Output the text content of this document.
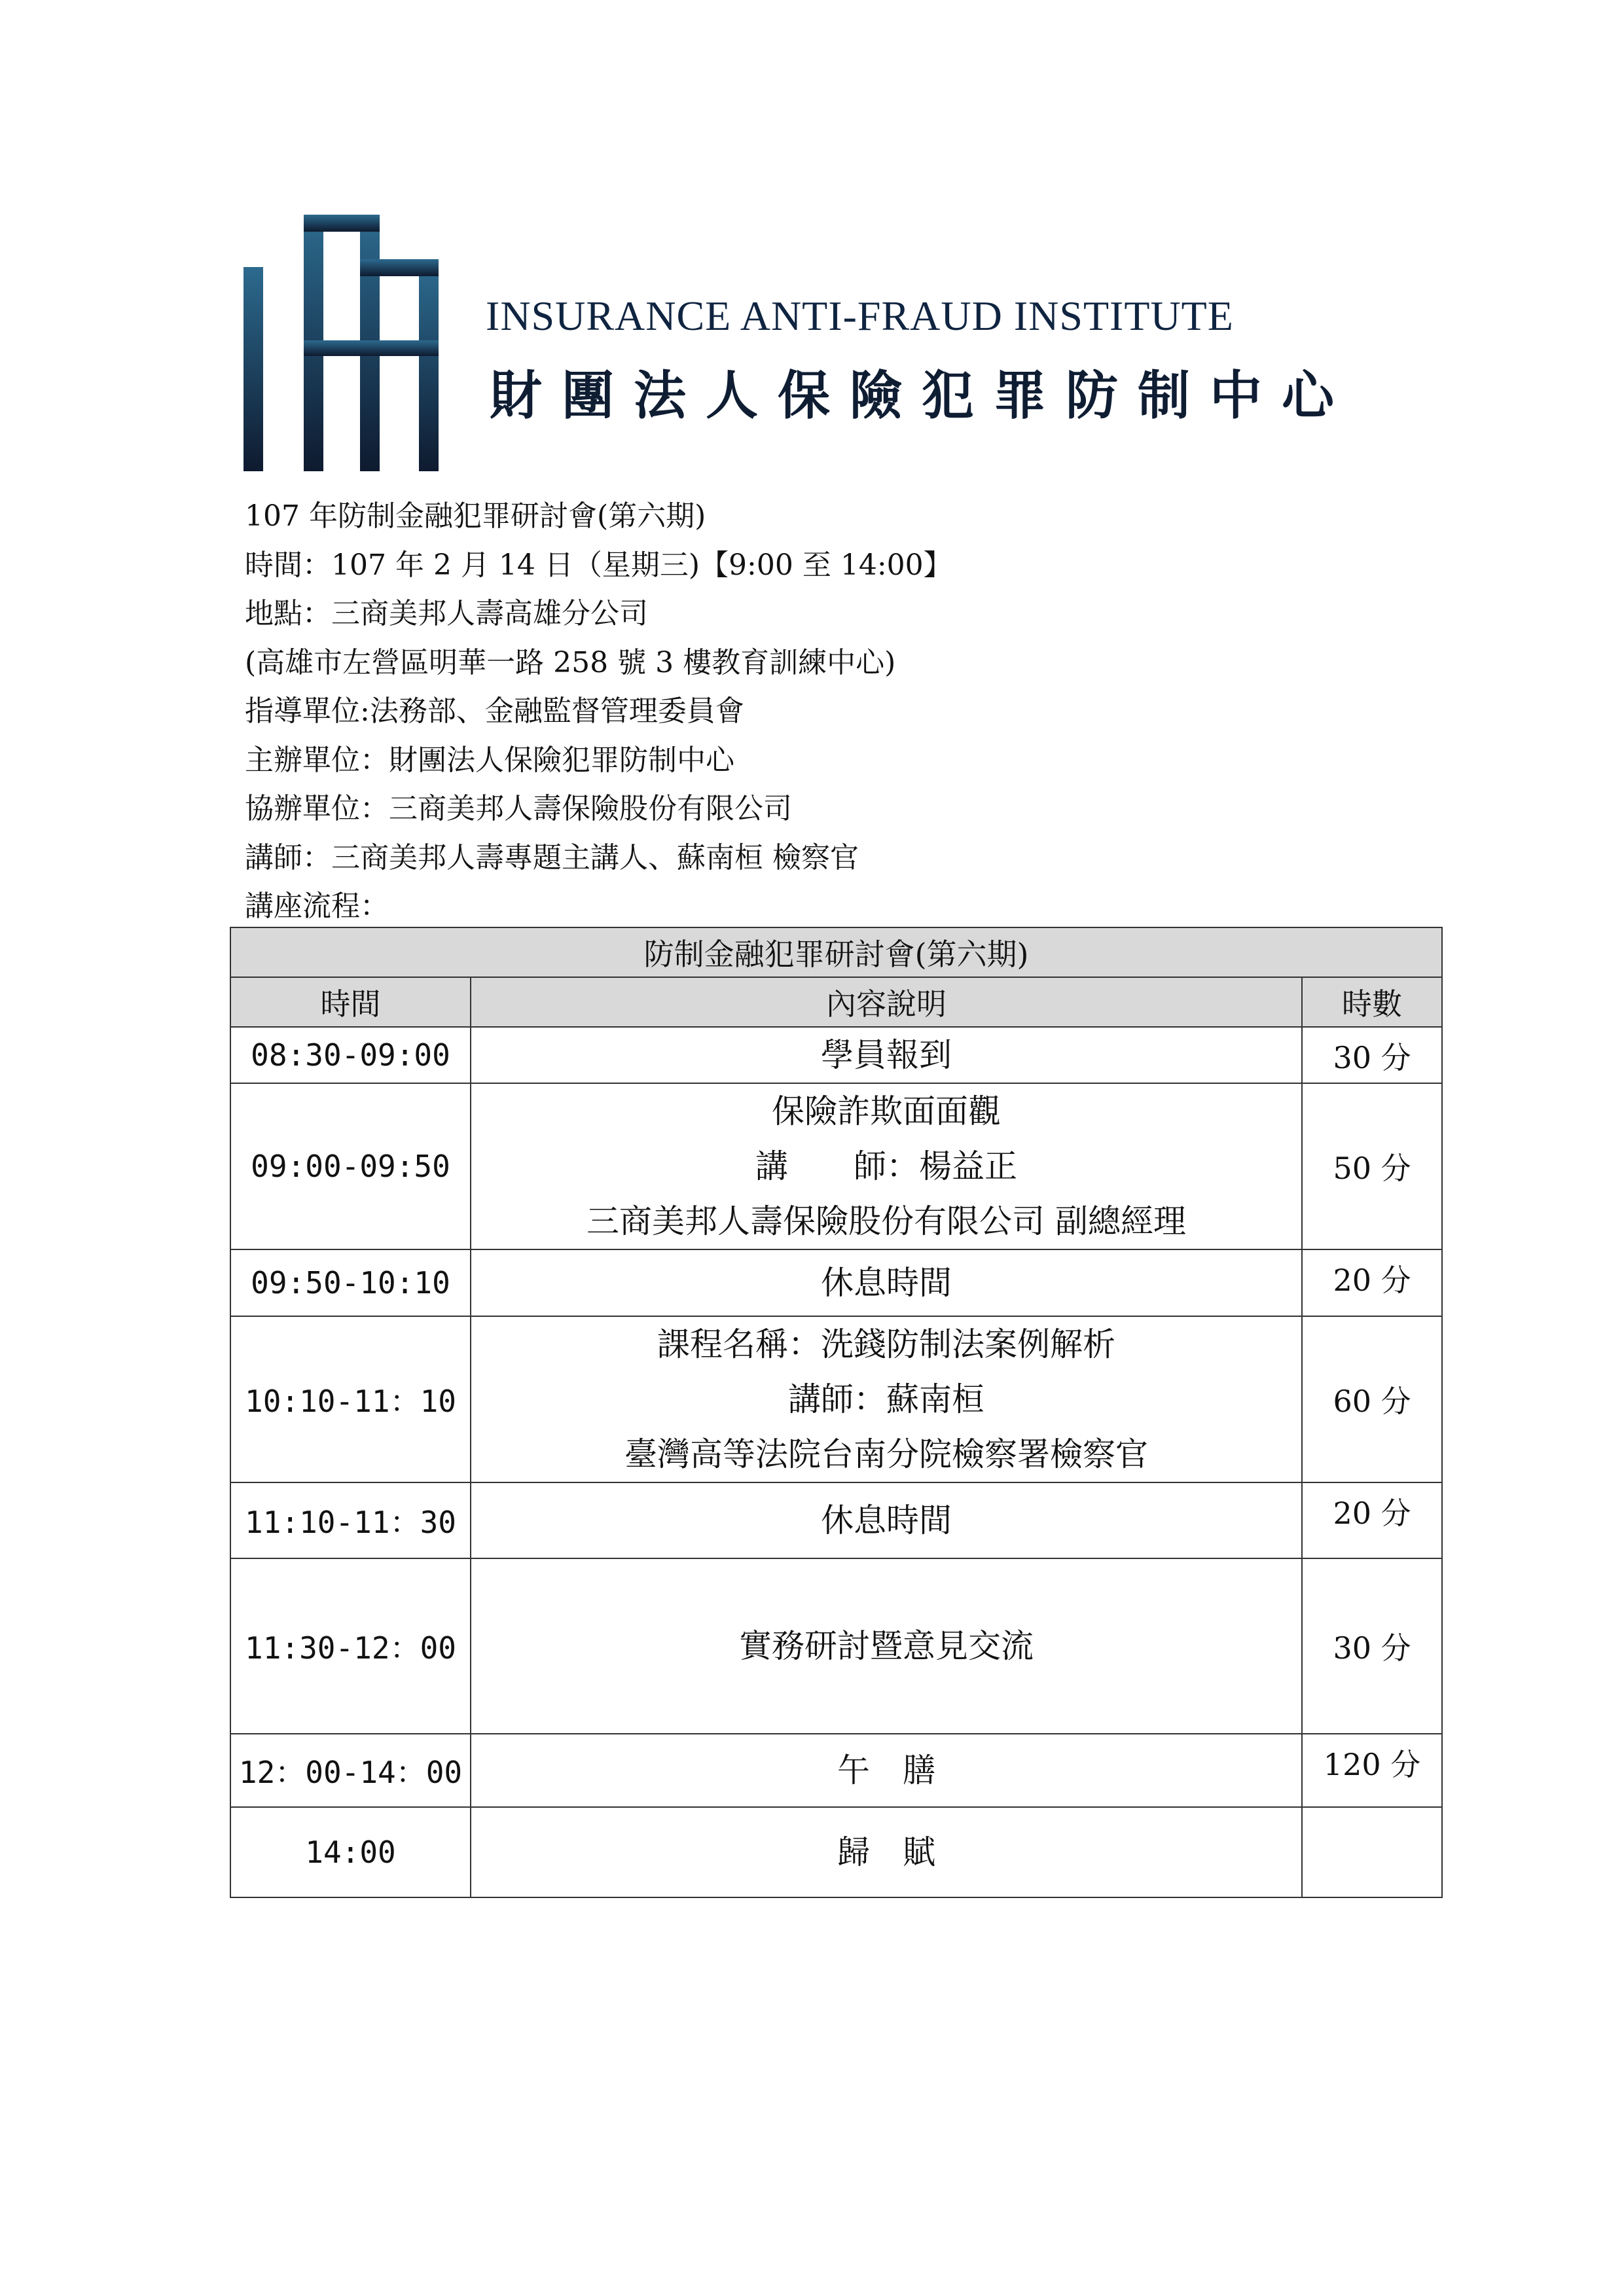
INSURANCE ANTI-FRAUD INSTITUTE
財團法人保險犯罪防制中心
107 年防制金融犯罪研討會(第六期)
時間：107 年 2 月 14 日（星期三)【9:00 至 14:00】
地點：三商美邦人壽高雄分公司
(高雄市左營區明華一路 258 號 3 樓教育訓練中心)
指導單位:法務部、金融監督管理委員會
主辦單位：財團法人保險犯罪防制中心
協辦單位：三商美邦人壽保險股份有限公司
講師：三商美邦人壽專題主講人、蘇南桓 檢察官
講座流程：
防制金融犯罪研討會(第六期)		
時間	內容說明	時數
08:30-09:00	學員報到	30 分
09:00-09:50	保險詐欺面面觀
講　　師：楊益正
三商美邦人壽保險股份有限公司 副總經理	50 分
09:50-10:10	休息時間	20 分
10:10-11：10	課程名稱：洗錢防制法案例解析
講師：蘇南桓
臺灣高等法院台南分院檢察署檢察官	60 分
11:10-11：30	休息時間	20 分
11:30-12：00	實務研討暨意見交流	30 分
12：00-14：00	午　膳	120 分
14:00	歸　賦	
